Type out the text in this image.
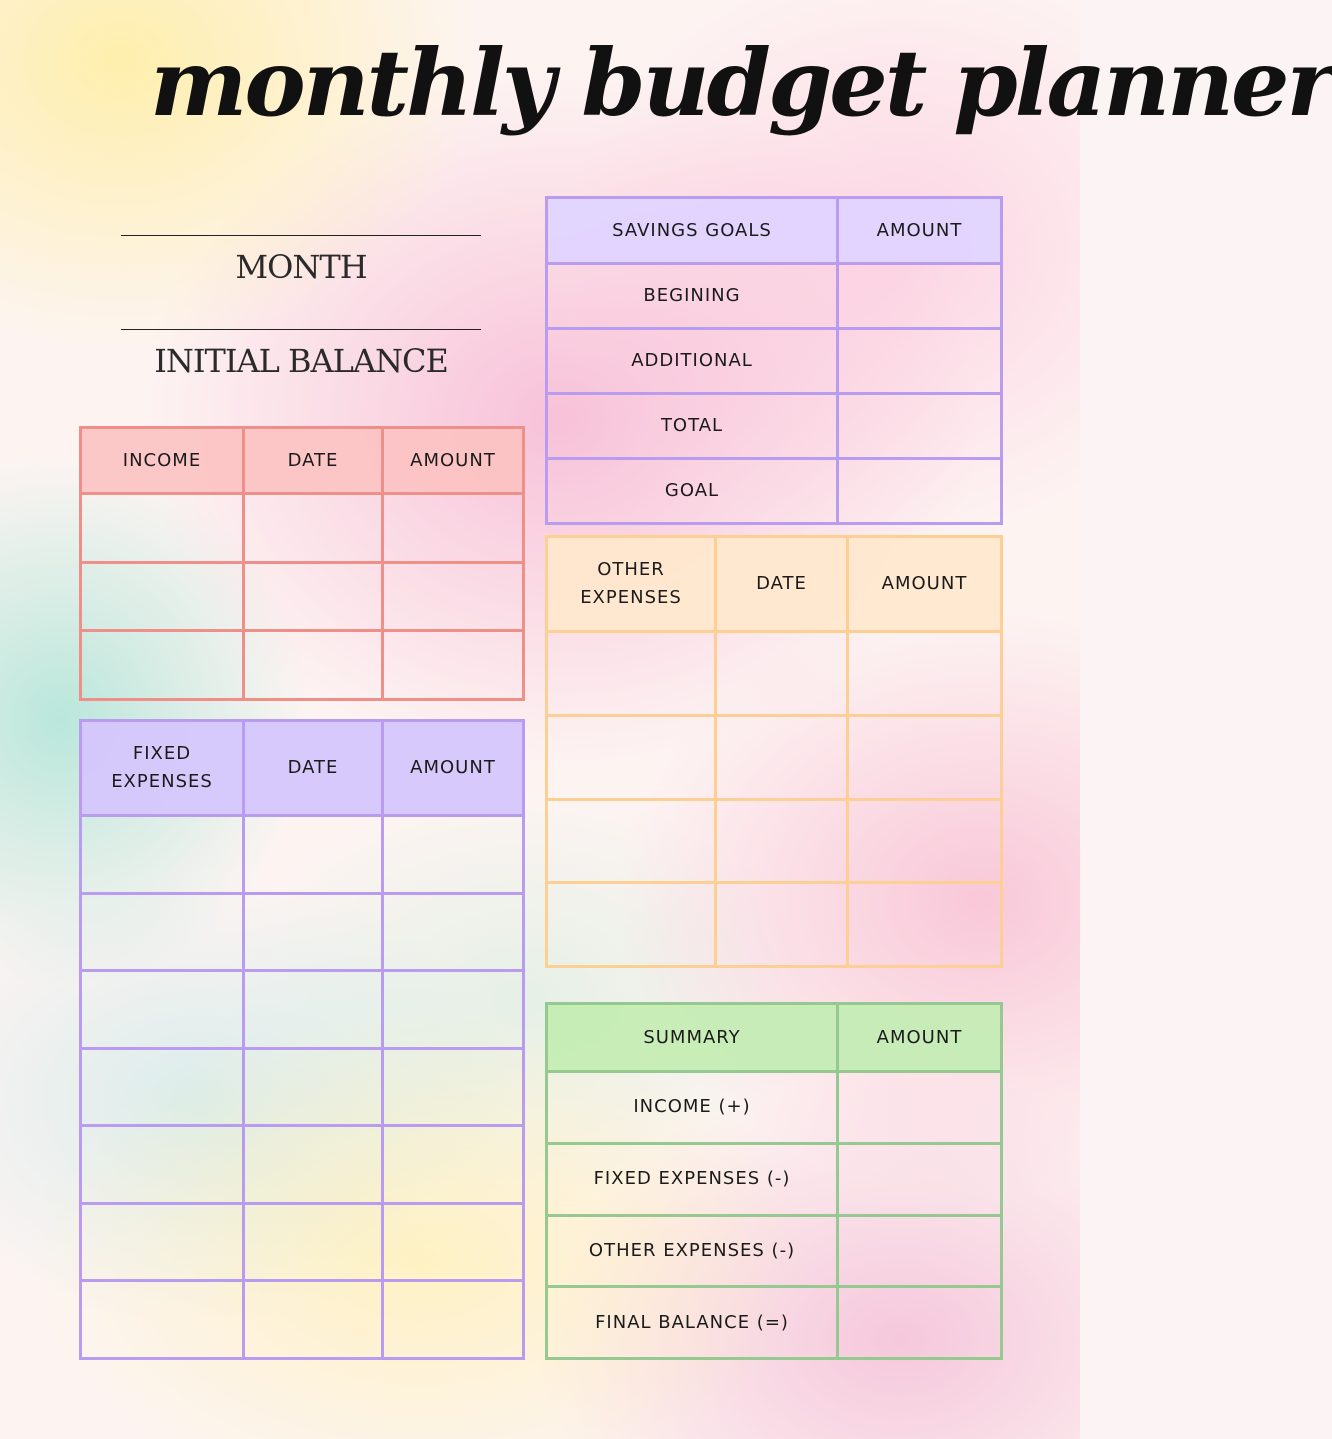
monthly budget planner
MONTH
INITIAL BALANCE
INCOME	DATE	AMOUNT

FIXED EXPENSES	DATE	AMOUNT

SAVINGS GOALS	AMOUNT
BEGINING	
ADDITIONAL	
TOTAL	
GOAL	
OTHER EXPENSES	DATE	AMOUNT

SUMMARY	AMOUNT
INCOME (+)	
FIXED EXPENSES (-)	
OTHER EXPENSES (-)	
FINAL BALANCE (=)	
